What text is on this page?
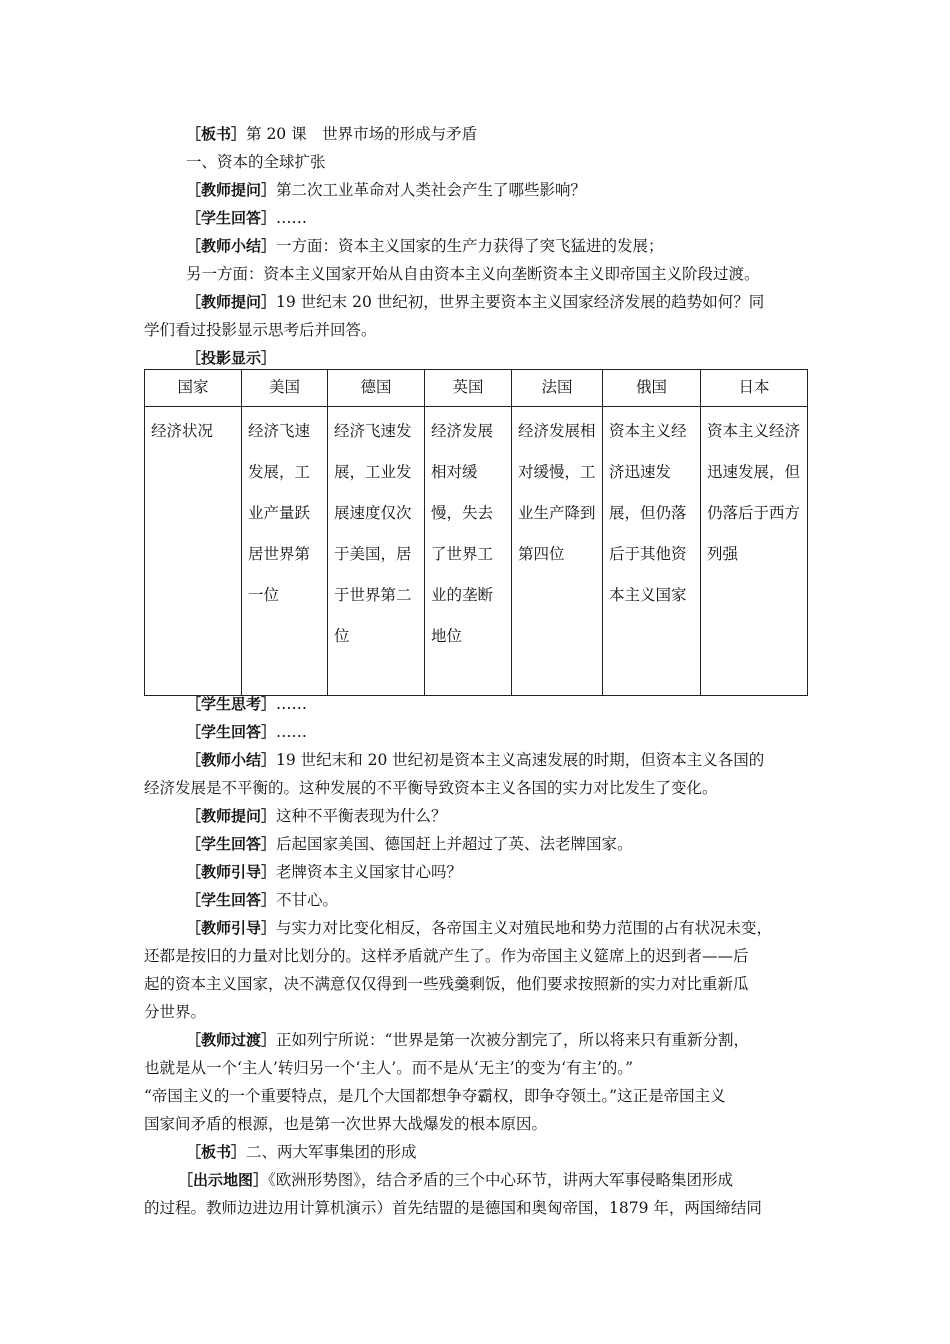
［板书］第 20 课　世界市场的形成与矛盾
一、资本的全球扩张
［教师提问］第二次工业革命对人类社会产生了哪些影响？
［学生回答］……
［教师小结］一方面：资本主义国家的生产力获得了突飞猛进的发展；
另一方面：资本主义国家开始从自由资本主义向垄断资本主义即帝国主义阶段过渡。
［教师提问］19 世纪末 20 世纪初，世界主要资本主义国家经济发展的趋势如何？同
学们看过投影显示思考后并回答。
［投影显示］
国家	美国	德国	英国	法国	俄国	日本
经济状况	经济飞速发展，工业产量跃居世界第一位	经济飞速发展，工业发展速度仅次于美国，居于世界第二位	经济发展相对缓慢，失去了世界工业的垄断地位	经济发展相对缓慢，工业生产降到第四位	资本主义经济迅速发展，但仍落后于其他资本主义国家	资本主义经济迅速发展，但仍落后于西方列强
［学生思考］……
［学生回答］……
［教师小结］19 世纪末和 20 世纪初是资本主义高速发展的时期，但资本主义各国的
经济发展是不平衡的。这种发展的不平衡导致资本主义各国的实力对比发生了变化。
［教师提问］这种不平衡表现为什么？
［学生回答］后起国家美国、德国赶上并超过了英、法老牌国家。
［教师引导］老牌资本主义国家甘心吗？
［学生回答］不甘心。
［教师引导］与实力对比变化相反，各帝国主义对殖民地和势力范围的占有状况未变，
还都是按旧的力量对比划分的。这样矛盾就产生了。作为帝国主义筵席上的迟到者——后
起的资本主义国家，决不满意仅仅得到一些残羹剩饭，他们要求按照新的实力对比重新瓜
分世界。
［教师过渡］正如列宁所说：“世界是第一次被分割完了，所以将来只有重新分割，
也就是从一个‘主人’转归另一个‘主人’。而不是从‘无主’的变为‘有主’的。”
“帝国主义的一个重要特点，是几个大国都想争夺霸权，即争夺领土。”这正是帝国主义
国家间矛盾的根源，也是第一次世界大战爆发的根本原因。
［板书］二、两大军事集团的形成
［出示地图］《欧洲形势图》，结合矛盾的三个中心环节，讲两大军事侵略集团形成
的过程。教师边进边用计算机演示）首先结盟的是德国和奥匈帝国，1879 年，两国缔结同
